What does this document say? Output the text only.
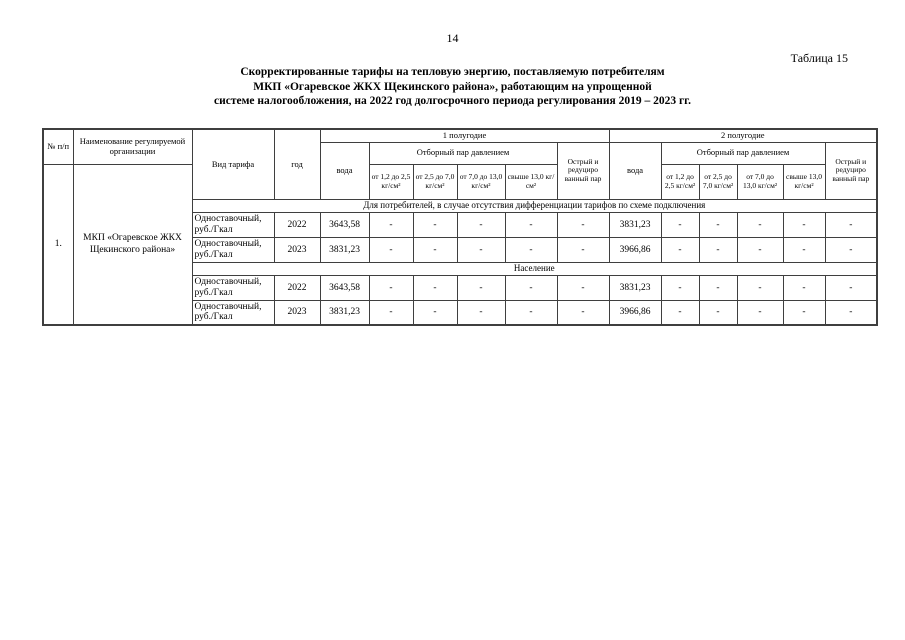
14
Таблица 15
Скорректированные тарифы на тепловую энергию, поставляемую потребителям
МКП «Огаревское ЖКХ Щекинского района», работающим на упрощенной
системе налогообложения, на 2022 год долгосрочного периода регулирования 2019 – 2023 гг.
№ п/п	Наименование регулируемой организации	Вид тарифа	год	1 полугодие						2 полугодие					
				вода	Отборный пар давлением				Острый и редуциро ванный пар	вода	Отборный пар давлением				Острый и редуциро ванный пар
1.	МКП «Огаревское ЖКХ Щекинского района»				от 1,2 до 2,5 кг/см²	от 2,5 до 7,0 кг/см²	от 7,0 до 13,0 кг/см²	свыше 13,0 кг/см²			от 1,2 до 2,5 кг/см²	от 2,5 до 7,0 кг/см²	от 7,0 до 13,0 кг/см²	свыше 13,0 кг/см²	
		Для потребителей, в случае отсутствия дифференциации тарифов по схеме подключения													
		Одноставочный, руб./Гкал	2022	3643,58	-	-	-	-	-	3831,23	-	-	-	-	-
		Одноставочный, руб./Гкал	2023	3831,23	-	-	-	-	-	3966,86	-	-	-	-	-
		Население													
		Одноставочный, руб./Гкал	2022	3643,58	-	-	-	-	-	3831,23	-	-	-	-	-
		Одноставочный, руб./Гкал	2023	3831,23	-	-	-	-	-	3966,86	-	-	-	-	-
